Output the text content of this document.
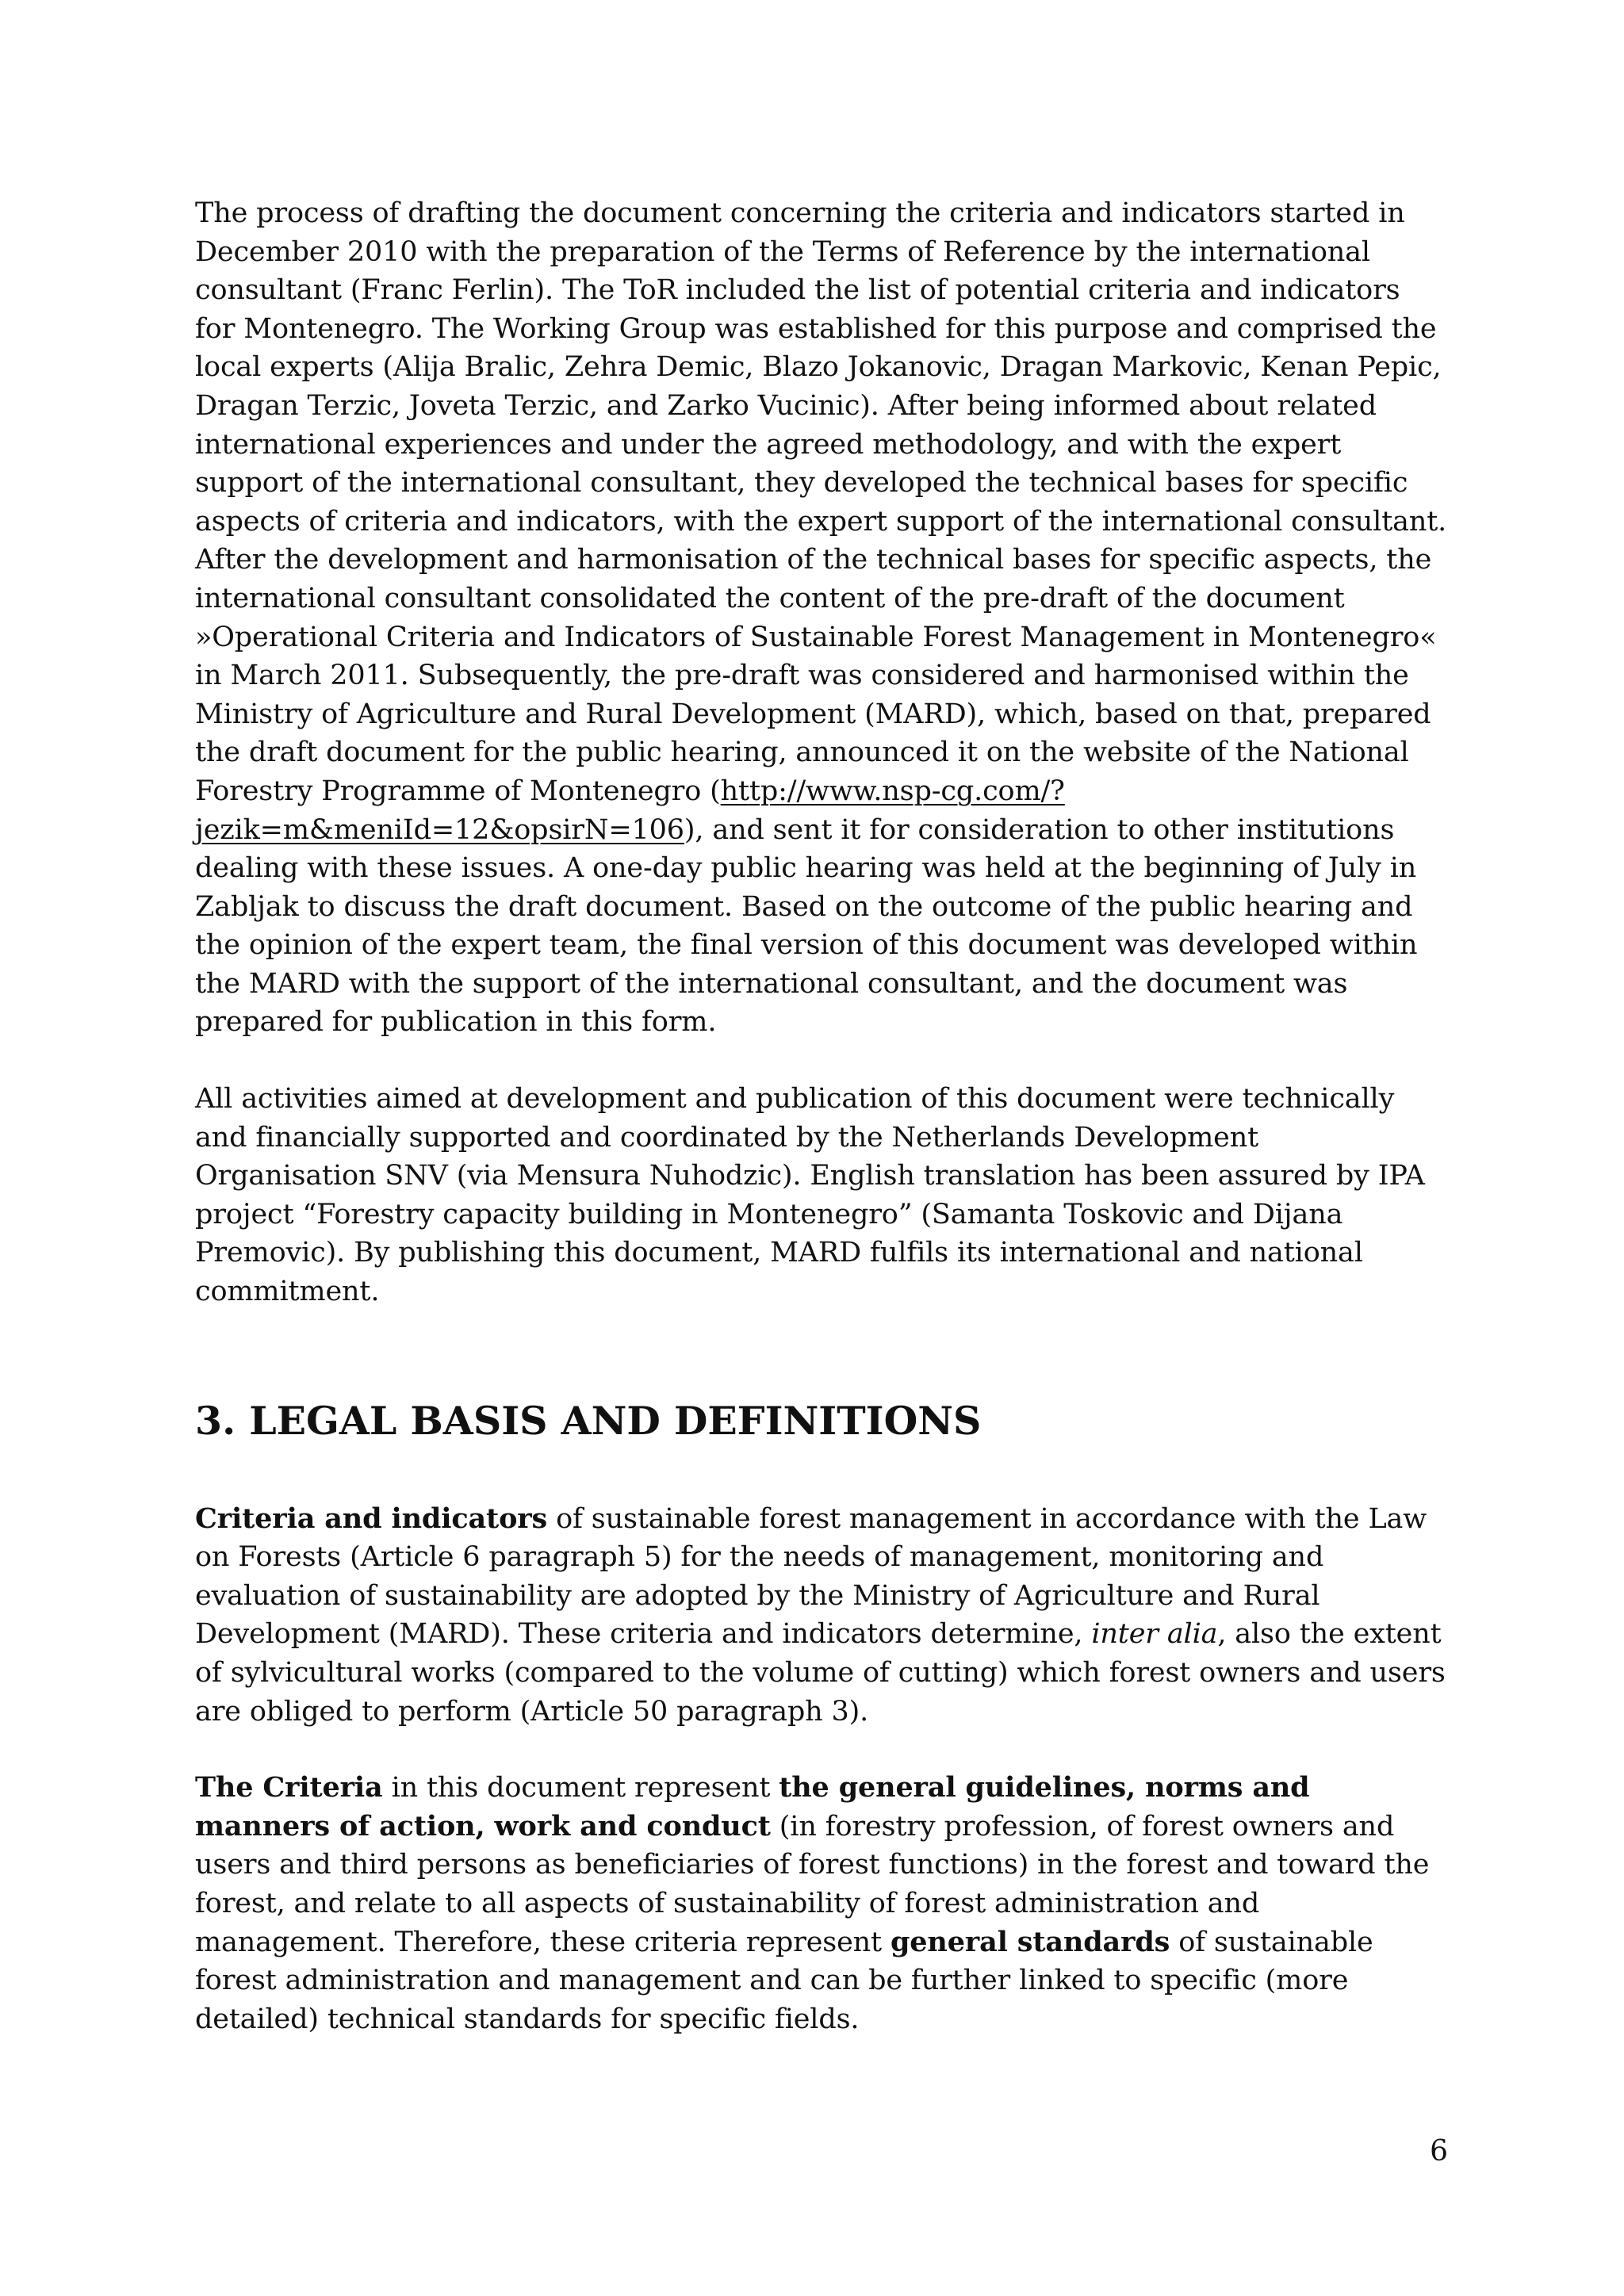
The process of drafting the document concerning the criteria and indicators started in December 2010 with the preparation of the Terms of Reference by the international consultant (Franc Ferlin). The ToR included the list of potential criteria and indicators for Montenegro. The Working Group was established for this purpose and comprised the local experts (Alija Bralic, Zehra Demic, Blazo Jokanovic, Dragan Markovic, Kenan Pepic, Dragan Terzic, Joveta Terzic, and Zarko Vucinic). After being informed about related international experiences and under the agreed methodology, and with the expert support of the international consultant, they developed the technical bases for specific aspects of criteria and indicators, with the expert support of the international consultant. After the development and harmonisation of the technical bases for specific aspects, the international consultant consolidated the content of the pre-draft of the document »Operational Criteria and Indicators of Sustainable Forest Management in Montenegro« in March 2011. Subsequently, the pre-draft was considered and harmonised within the Ministry of Agriculture and Rural Development (MARD), which, based on that, prepared the draft document for the public hearing, announced it on the website of the National Forestry Programme of Montenegro (http://www.nsp-cg.com/?jezik=m&meniId=12&opsirN=106), and sent it for consideration to other institutions dealing with these issues. A one-day public hearing was held at the beginning of July in Zabljak to discuss the draft document. Based on the outcome of the public hearing and the opinion of the expert team, the final version of this document was developed within the MARD with the support of the international consultant, and the document was prepared for publication in this form.

All activities aimed at development and publication of this document were technically and financially supported and coordinated by the Netherlands Development Organisation SNV (via Mensura Nuhodzic). English translation has been assured by IPA project “Forestry capacity building in Montenegro” (Samanta Toskovic and Dijana Premovic). By publishing this document, MARD fulfils its international and national commitment.

3. LEGAL BASIS AND DEFINITIONS

Criteria and indicators of sustainable forest management in accordance with the Law on Forests (Article 6 paragraph 5) for the needs of management, monitoring and evaluation of sustainability are adopted by the Ministry of Agriculture and Rural Development (MARD). These criteria and indicators determine, inter alia, also the extent of sylvicultural works (compared to the volume of cutting) which forest owners and users are obliged to perform (Article 50 paragraph 3).

The Criteria in this document represent the general guidelines, norms and manners of action, work and conduct (in forestry profession, of forest owners and users and third persons as beneficiaries of forest functions) in the forest and toward the forest, and relate to all aspects of sustainability of forest administration and management. Therefore, these criteria represent general standards of sustainable forest administration and management and can be further linked to specific (more detailed) technical standards for specific fields.

6
